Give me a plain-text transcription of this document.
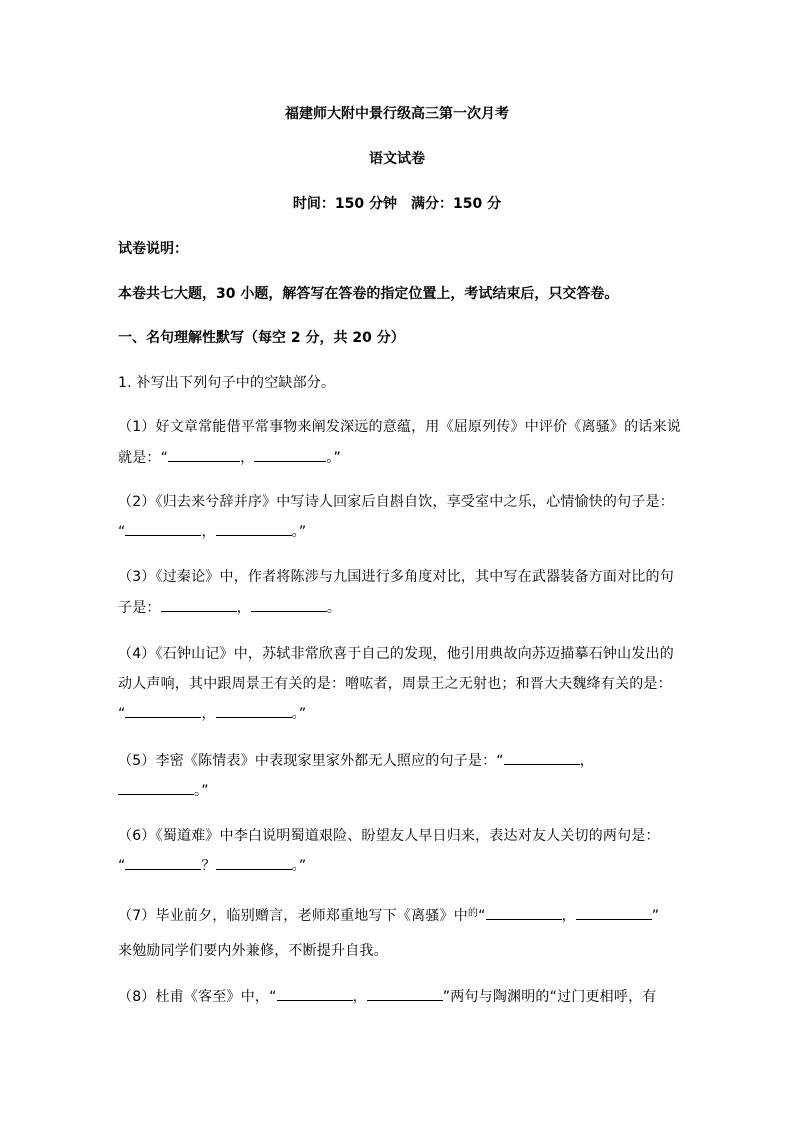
福建师大附中景行级高三第一次月考
语文试卷
时间：150 分钟　满分：150 分
试卷说明：
本卷共七大题，30 小题，解答写在答卷的指定位置上，考试结束后，只交答卷。
一、名句理解性默写（每空 2 分，共 20 分）
1. 补写出下列句子中的空缺部分。
（1）好文章常能借平常事物来阐发深远的意蕴，用《屈原列传》中评价《离骚》的话来说
就是：“	，	。”
（2）《归去来兮辞并序》中写诗人回家后自斟自饮，享受室中之乐，心情愉快的句子是：
“	，	。”
（3）《过秦论》中，作者将陈涉与九国进行多角度对比，其中写在武器装备方面对比的句
子是：	，	。
（4）《石钟山记》中，苏轼非常欣喜于自己的发现，他引用典故向苏迈描摹石钟山发出的
动人声响，其中跟周景王有关的是：噌吰者，周景王之无射也；和晋大夫魏绛有关的是：
“	，	。”
（5）李密《陈情表》中表现家里家外都无人照应的句子是：“	，
。”
（6）《蜀道难》中李白说明蜀道艰险、盼望友人早日归来，表达对友人关切的两句是：
“	？	。”
（7）毕业前夕，临别赠言，老师郑重地写下《离骚》中$^的$“	，	”
来勉励同学们要内外兼修，不断提升自我。
（8）杜甫《客至》中，“	，	”两句与陶渊明的“过门更相呼，有
